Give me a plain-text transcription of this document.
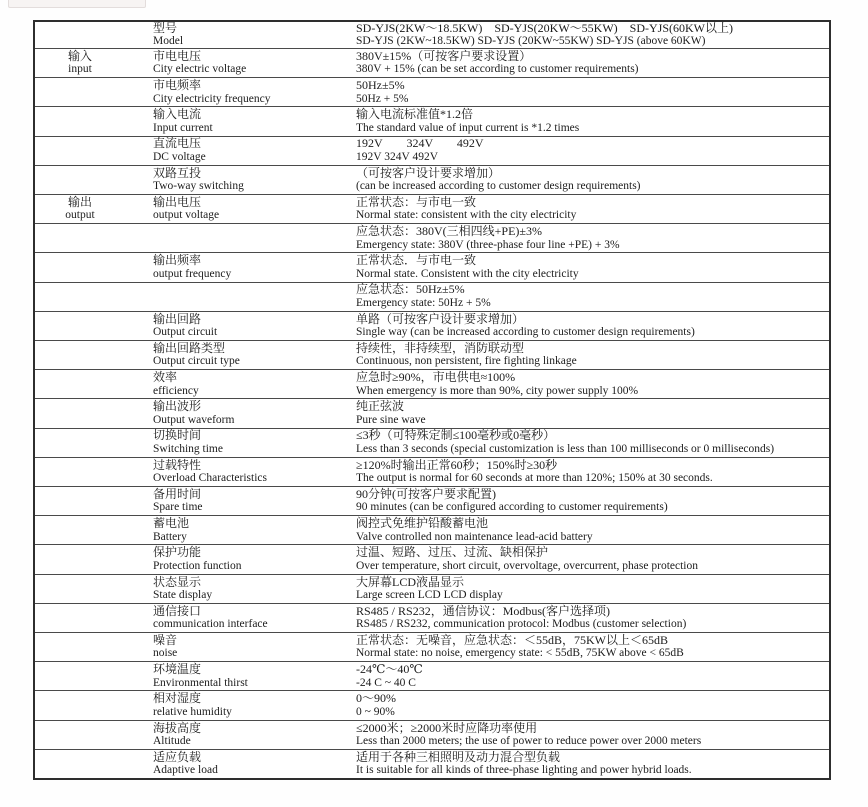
型号
Model
SD-YJS(2KW～18.5KW)　SD-YJS(20KW～55KW)　SD-YJS(60KW以上)
SD-YJS (2KW~18.5KW) SD-YJS (20KW~55KW) SD-YJS (above 60KW)
输入
input
市电电压
City electric voltage
380V±15%（可按客户要求设置）
380V + 15% (can be set according to customer requirements)
市电频率
City electricity frequency
50Hz±5%
50Hz + 5%
输入电流
Input current
输入电流标准值*1.2倍
The standard value of input current is *1.2 times
直流电压
DC voltage
192V　　324V　　492V
192V 324V 492V
双路互投
Two-way switching
（可按客户设计要求增加）
(can be increased according to customer design requirements)
输出
output
输出电压
output voltage
正常状态：与市电一致
Normal state: consistent with the city electricity
应急状态：380V(三相四线+PE)±3%
Emergency state: 380V (three-phase four line +PE) + 3%
输出频率
output frequency
正常状态．与市电一致
Normal state. Consistent with the city electricity
应急状态：50Hz±5%
Emergency state: 50Hz + 5%
输出回路
Output circuit
单路（可按客户设计要求增加）
Single way (can be increased according to customer design requirements)
输出回路类型
Output circuit type
持续性，非持续型，消防联动型
Continuous, non persistent, fire fighting linkage
效率
efficiency
应急时≥90%，市电供电≈100%
When emergency is more than 90%, city power supply 100%
输出波形
Output waveform
纯正弦波
Pure sine wave
切换时间
Switching time
≤3秒（可特殊定制≤100毫秒或0毫秒）
Less than 3 seconds (special customization is less than 100 milliseconds or 0 milliseconds)
过载特性
Overload Characteristics
≥120%时输出正常60秒；150%时≥30秒
The output is normal for 60 seconds at more than 120%; 150% at 30 seconds.
备用时间
Spare time
90分钟(可按客户要求配置)
90 minutes (can be configured according to customer requirements)
蓄电池
Battery
阀控式免维护铅酸蓄电池
Valve controlled non maintenance lead-acid battery
保护功能
Protection function
过温、短路、过压、过流、缺相保护
Over temperature, short circuit, overvoltage, overcurrent, phase protection
状态显示
State display
大屏幕LCD液晶显示
Large screen LCD LCD display
通信接口
communication interface
RS485 / RS232，通信协议：Modbus(客户选择项)
RS485 / RS232, communication protocol: Modbus (customer selection)
噪音
noise
正常状态：无噪音，应急状态：＜55dB，75KW以上＜65dB
Normal state: no noise, emergency state: < 55dB, 75KW above < 65dB
环境温度
Environmental thirst
-24℃～40℃
-24 C ~ 40 C
相对湿度
relative humidity
0～90%
0 ~ 90%
海拔高度
Altitude
≤2000米；≥2000米时应降功率使用
Less than 2000 meters; the use of power to reduce power over 2000 meters
适应负载
Adaptive load
适用于各种三相照明及动力混合型负载
It is suitable for all kinds of three-phase lighting and power hybrid loads.
